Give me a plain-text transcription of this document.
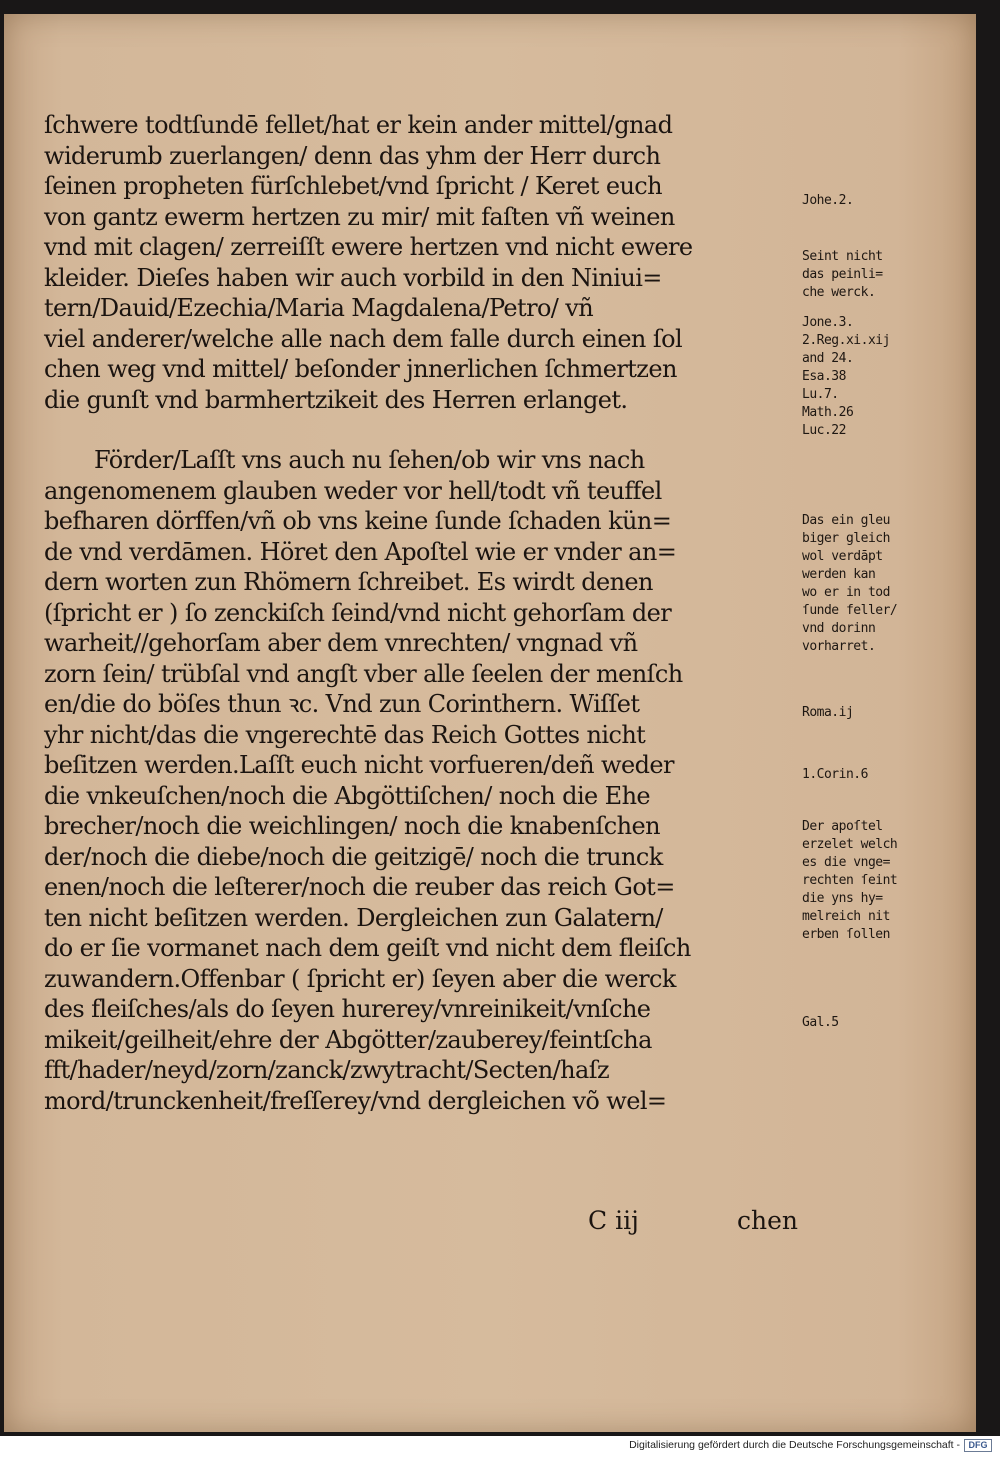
ſchwere todtſundē fellet/hat er kein ander mittel/gnad
widerumb zuerlangen/ denn das yhm der Herr durch
ſeinen propheten fürſchlebet/vnd ſpricht / Keret euch
von gantz ewerm hertzen zu mir/ mit faſten vñ weinen
vnd mit clagen/ zerreiſſt ewere hertzen vnd nicht ewere
kleider. Dieſes haben wir auch vorbild in den Niniui=
tern/Dauid/Ezechia/Maria Magdalena/Petro/ vñ
viel anderer/welche alle nach dem falle durch einen ſol
chen weg vnd mittel/ beſonder jnnerlichen ſchmertzen
die gunſt vnd barmhertzikeit des Herren erlanget.
Förder/Laſſt vns auch nu ſehen/ob wir vns nach
angenomenem glauben weder vor hell/todt vñ teuffel
befharen dörffen/vñ ob vns keine ſunde ſchaden kün=
de vnd verdāmen. Höret den Apoſtel wie er vnder an=
dern worten zun Rhömern ſchreibet. Es wirdt denen
(ſpricht er ) ſo zenckiſch ſeind/vnd nicht gehorſam der
warheit//gehorſam aber dem vnrechten/ vngnad vñ
zorn ſein/ trübſal vnd angſt vber alle ſeelen der menſch
en/die do böſes thun ꝛc. Vnd zun Corinthern. Wiſſet
yhr nicht/das die vngerechtē das Reich Gottes nicht
beſitzen werden.Laſſt euch nicht vorfueren/deñ weder
die vnkeuſchen/noch die Abgöttiſchen/ noch die Ehe
brecher/noch die weichlingen/ noch die knabenſchen
der/noch die diebe/noch die geitzigē/ noch die trunck
enen/noch die leſterer/noch die reuber das reich Got=
ten nicht beſitzen werden. Dergleichen zun Galatern/
do er ſie vormanet nach dem geiſt vnd nicht dem fleiſch
zuwandern.Offenbar ( ſpricht er) ſeyen aber die werck
des fleiſches/als do ſeyen hurerey/vnreinikeit/vnſche
mikeit/geilheit/ehre der Abgötter/zauberey/feintſcha
fft/hader/neyd/zorn/zanck/zwytracht/Secten/haſz
mord/trunckenheit/freſſerey/vnd dergleichen võ wel=
C iij	chen
Johe.2.
Seint nicht
das peinli=
che werck.
Jone.3.
2.Reg.xi.xij
and 24.
Esa.38
Lu.7.
Math.26
Luc.22
Das ein gleu
biger gleich
wol verdāpt
werden kan
wo er in tod
ſunde feller/
vnd dorinn
vorharret.
Roma.ij
1.Corin.6
Der apoſtel
erzelet welch
es die vnge=
rechten ſeint
die yns hy=
melreich nit
erben ſollen
Gal.5
Digitalisierung gefördert durch die Deutsche Forschungsgemeinschaft - DFG
